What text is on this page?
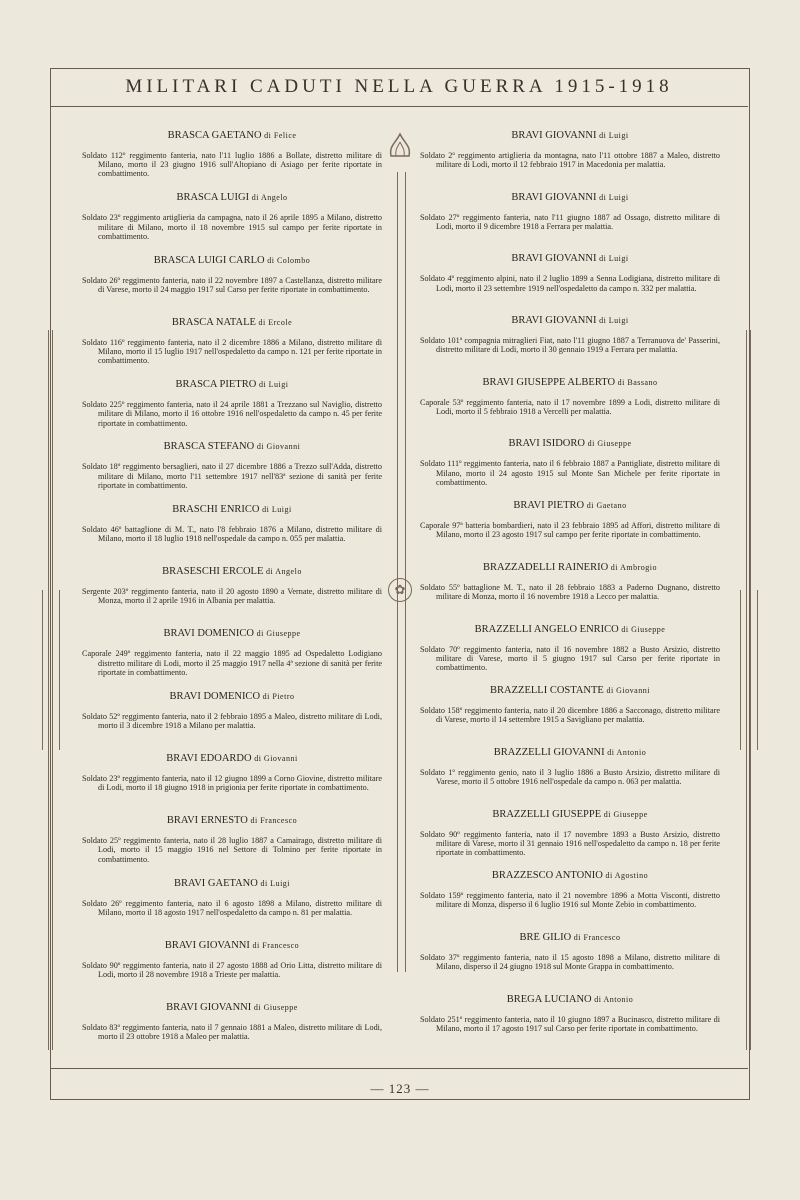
MILITARI CADUTI NELLA GUERRA 1915-1918
✿
BRASCA GAETANO di Felice
Soldato 112º reggimento fanteria, nato l'11 luglio 1886 a Bollate, distretto militare di Milano, morto il 23 giugno 1916 sull'Altopiano di Asiago per ferite riportate in combattimento.
BRASCA LUIGI di Angelo
Soldato 23º reggimento artiglieria da campagna, nato il 26 aprile 1895 a Milano, distretto militare di Milano, morto il 18 novembre 1915 sul campo per ferite riportate in combattimento.
BRASCA LUIGI CARLO di Colombo
Soldato 26º reggimento fanteria, nato il 22 novembre 1897 a Castellanza, distretto militare di Varese, morto il 24 maggio 1917 sul Carso per ferite riportate in combattimento.
BRASCA NATALE di Ercole
Soldato 116º reggimento fanteria, nato il 2 dicembre 1886 a Milano, distretto militare di Milano, morto il 15 luglio 1917 nell'ospedaletto da campo n. 121 per ferite riportate in combattimento.
BRASCA PIETRO di Luigi
Soldato 225º reggimento fanteria, nato il 24 aprile 1881 a Trezzano sul Naviglio, distretto militare di Milano, morto il 16 ottobre 1916 nell'ospedaletto da campo n. 45 per ferite riportate in combattimento.
BRASCA STEFANO di Giovanni
Soldato 18º reggimento bersaglieri, nato il 27 dicembre 1886 a Trezzo sull'Adda, distretto militare di Milano, morto l'11 settembre 1917 nell'83ª sezione di sanità per ferite riportate in combattimento.
BRASCHI ENRICO di Luigi
Soldato 46º battaglione di M. T., nato l'8 febbraio 1876 a Milano, distretto militare di Milano, morto il 18 luglio 1918 nell'ospedale da campo n. 055 per malattia.
BRASESCHI ERCOLE di Angelo
Sergente 203º reggimento fanteria, nato il 20 agosto 1890 a Vernate, distretto militare di Monza, morto il 2 aprile 1916 in Albania per malattia.
BRAVI DOMENICO di Giuseppe
Caporale 249º reggimento fanteria, nato il 22 maggio 1895 ad Ospedaletto Lodigiano distretto militare di Lodi, morto il 25 maggio 1917 nella 4ª sezione di sanità per ferite riportate in combattimento.
BRAVI DOMENICO di Pietro
Soldato 52º reggimento fanteria, nato il 2 febbraio 1895 a Maleo, distretto militare di Lodi, morto il 3 dicembre 1918 a Milano per malattia.
BRAVI EDOARDO di Giovanni
Soldato 23º reggimento fanteria, nato il 12 giugno 1899 a Corno Giovine, distretto militare di Lodi, morto il 18 giugno 1918 in prigionia per ferite riportate in combattimento.
BRAVI ERNESTO di Francesco
Soldato 25º reggimento fanteria, nato il 28 luglio 1887 a Camairago, distretto militare di Lodi, morto il 15 maggio 1916 nel Settore di Tolmino per ferite riportate in combattimento.
BRAVI GAETANO di Luigi
Soldato 26º reggimento fanteria, nato il 6 agosto 1898 a Milano, distretto militare di Milano, morto il 18 agosto 1917 nell'ospedaletto da campo n. 81 per malattia.
BRAVI GIOVANNI di Francesco
Soldato 90º reggimento fanteria, nato il 27 agosto 1888 ad Orio Litta, distretto militare di Lodi, morto il 28 novembre 1918 a Trieste per malattia.
BRAVI GIOVANNI di Giuseppe
Soldato 83º reggimento fanteria, nato il 7 gennaio 1881 a Maleo, distretto militare di Lodi, morto il 23 ottobre 1918 a Maleo per malattia.
BRAVI GIOVANNI di Luigi
Soldato 2º reggimento artiglieria da montagna, nato l'11 ottobre 1887 a Maleo, distretto militare di Lodi, morto il 12 febbraio 1917 in Macedonia per malattia.
BRAVI GIOVANNI di Luigi
Soldato 27º reggimento fanteria, nato l'11 giugno 1887 ad Ossago, distretto militare di Lodi, morto il 9 dicembre 1918 a Ferrara per malattia.
BRAVI GIOVANNI di Luigi
Soldato 4º reggimento alpini, nato il 2 luglio 1899 a Senna Lodigiana, distretto militare di Lodi, morto il 23 settembre 1919 nell'ospedaletto da campo n. 332 per malattia.
BRAVI GIOVANNI di Luigi
Soldato 101ª compagnia mitraglieri Fiat, nato l'11 giugno 1887 a Terranuova de' Passerini, distretto militare di Lodi, morto il 30 gennaio 1919 a Ferrara per malattia.
BRAVI GIUSEPPE ALBERTO di Bassano
Caporale 53º reggimento fanteria, nato il 17 novembre 1899 a Lodi, distretto militare di Lodi, morto il 5 febbraio 1918 a Vercelli per malattia.
BRAVI ISIDORO di Giuseppe
Soldato 111º reggimento fanteria, nato il 6 febbraio 1887 a Pantigliate, distretto militare di Milano, morto il 24 agosto 1915 sul Monte San Michele per ferite riportate in combattimento.
BRAVI PIETRO di Gaetano
Caporale 97ª batteria bombardieri, nato il 23 febbraio 1895 ad Affori, distretto militare di Milano, morto il 23 agosto 1917 sul campo per ferite riportate in combattimento.
BRAZZADELLI RAINERIO di Ambrogio
Soldato 55º battaglione M. T., nato il 28 febbraio 1883 a Paderno Dugnano, distretto militare di Monza, morto il 16 novembre 1918 a Lecco per malattia.
BRAZZELLI ANGELO ENRICO di Giuseppe
Soldato 70º reggimento fanteria, nato il 16 novembre 1882 a Busto Arsizio, distretto militare di Varese, morto il 5 giugno 1917 sul Carso per ferite riportate in combattimento.
BRAZZELLI COSTANTE di Giovanni
Soldato 158º reggimento fanteria, nato il 20 dicembre 1886 a Sacconago, distretto militare di Varese, morto il 14 settembre 1915 a Savigliano per malattia.
BRAZZELLI GIOVANNI di Antonio
Soldato 1º reggimento genio, nato il 3 luglio 1886 a Busto Arsizio, distretto militare di Varese, morto il 5 ottobre 1916 nell'ospedale da campo n. 063 per malattia.
BRAZZELLI GIUSEPPE di Giuseppe
Soldato 90º reggimento fanteria, nato il 17 novembre 1893 a Busto Arsizio, distretto militare di Varese, morto il 31 gennaio 1916 nell'ospedaletto da campo n. 18 per ferite riportate in combattimento.
BRAZZESCO ANTONIO di Agostino
Soldato 159º reggimento fanteria, nato il 21 novembre 1896 a Motta Visconti, distretto militare di Monza, disperso il 6 luglio 1916 sul Monte Zebio in combattimento.
BRÈ GILIO di Francesco
Soldato 37º reggimento fanteria, nato il 15 agosto 1898 a Milano, distretto militare di Milano, disperso il 24 giugno 1918 sul Monte Grappa in combattimento.
BREGA LUCIANO di Antonio
Soldato 251º reggimento fanteria, nato il 10 giugno 1897 a Bucinasco, distretto militare di Milano, morto il 17 agosto 1917 sul Carso per ferite riportate in combattimento.
— 123 —
